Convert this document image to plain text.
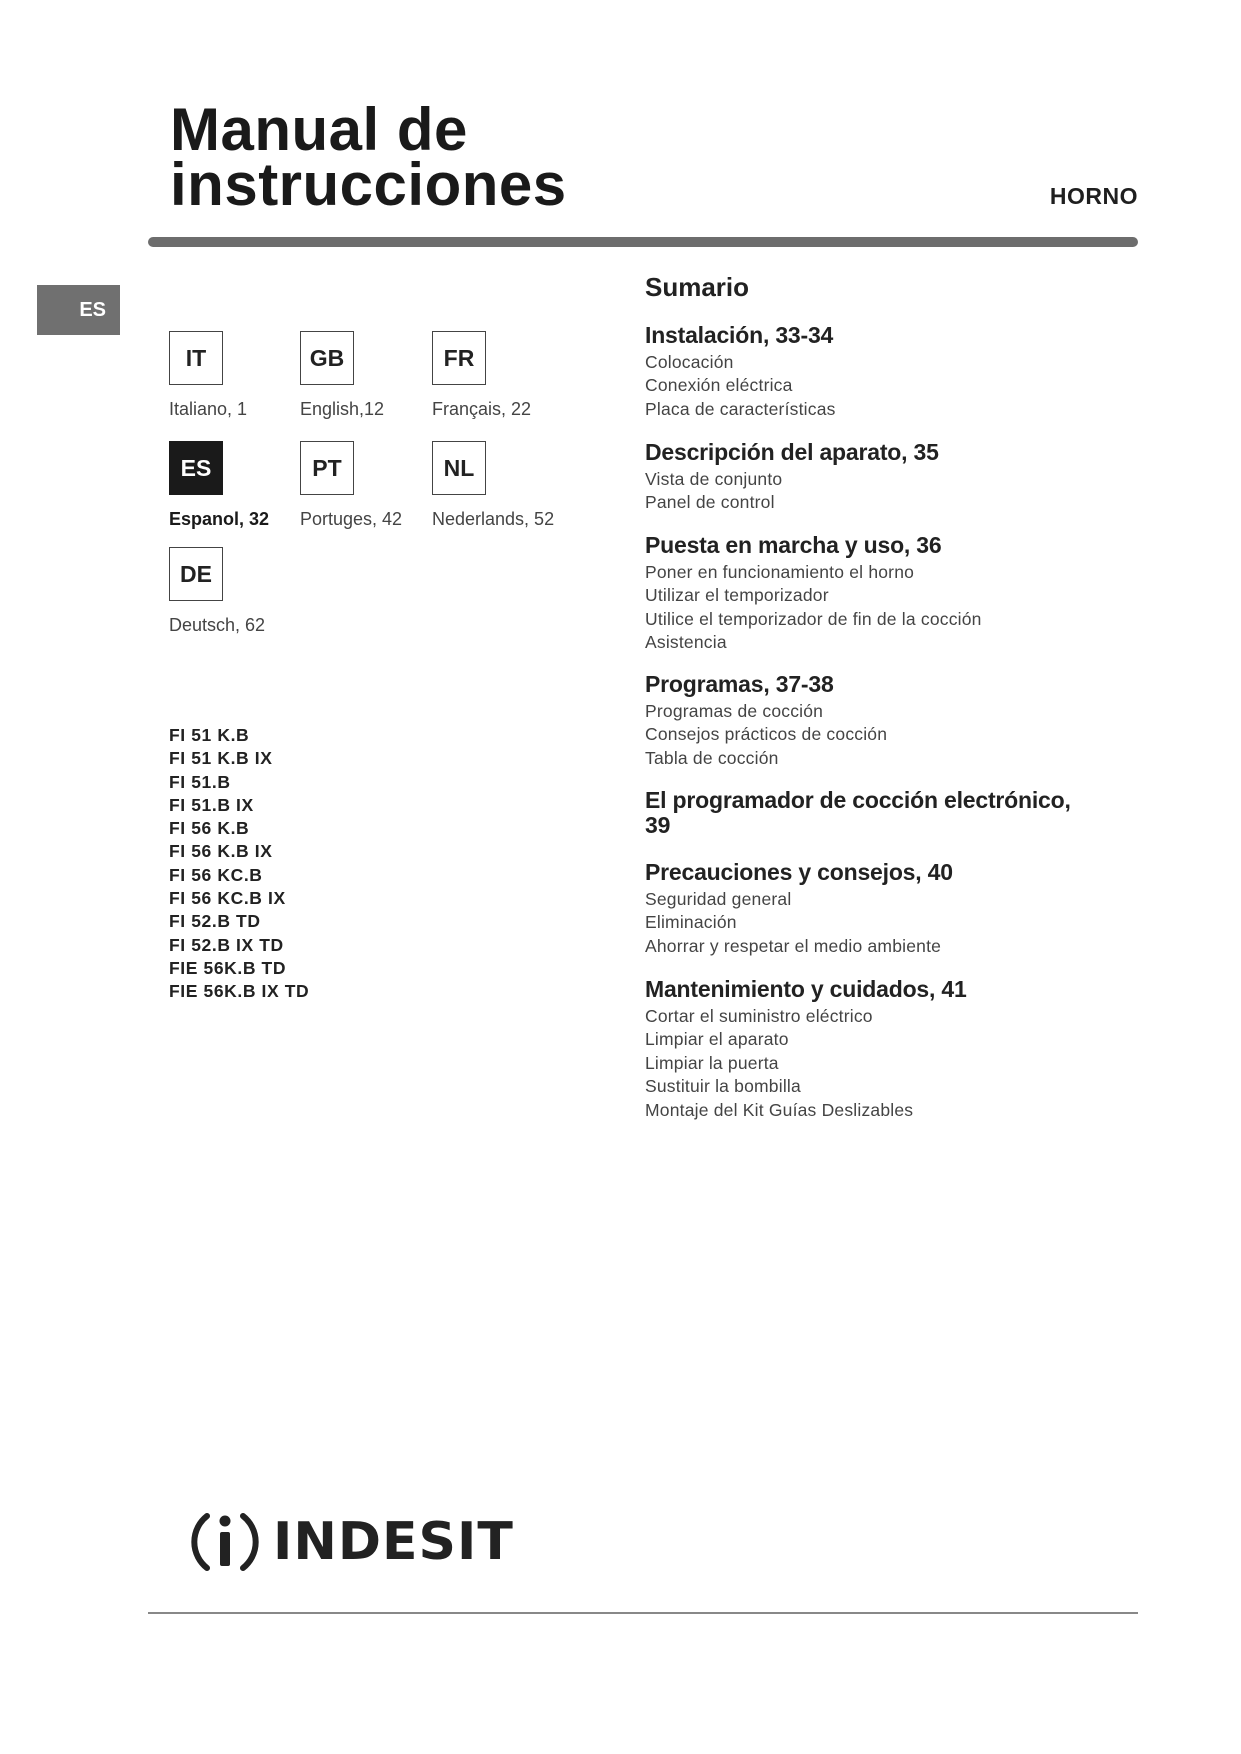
Manual de
instrucciones	HORNO
ES
IT
Italiano, 1
GB
English,12
FR
Français, 22
ES
Espanol, 32
PT
Portuges, 42
NL
Nederlands, 52
DE
Deutsch, 62
FI 51 K.B
FI 51 K.B IX
FI 51.B
FI 51.B IX
FI 56 K.B
FI 56 K.B IX
FI 56 KC.B
FI 56 KC.B IX
FI 52.B TD
FI 52.B IX TD
FIE 56K.B TD
FIE 56K.B IX TD
Sumario
Instalación, 33-34
Colocación
Conexión eléctrica
Placa de características
Descripción del aparato, 35
Vista de conjunto
Panel de control
Puesta en marcha y uso, 36
Poner en funcionamiento el horno
Utilizar el temporizador
Utilice el temporizador de fin de la cocción
Asistencia
Programas, 37-38
Programas de cocción
Consejos prácticos de cocción
Tabla de cocción
El programador de cocción electrónico, 39
Precauciones y consejos, 40
Seguridad general
Eliminación
Ahorrar y respetar el medio ambiente
Mantenimiento y cuidados, 41
Cortar el suministro eléctrico
Limpiar el aparato
Limpiar la puerta
Sustituir la bombilla
Montaje del Kit Guías Deslizables
INDESIT
